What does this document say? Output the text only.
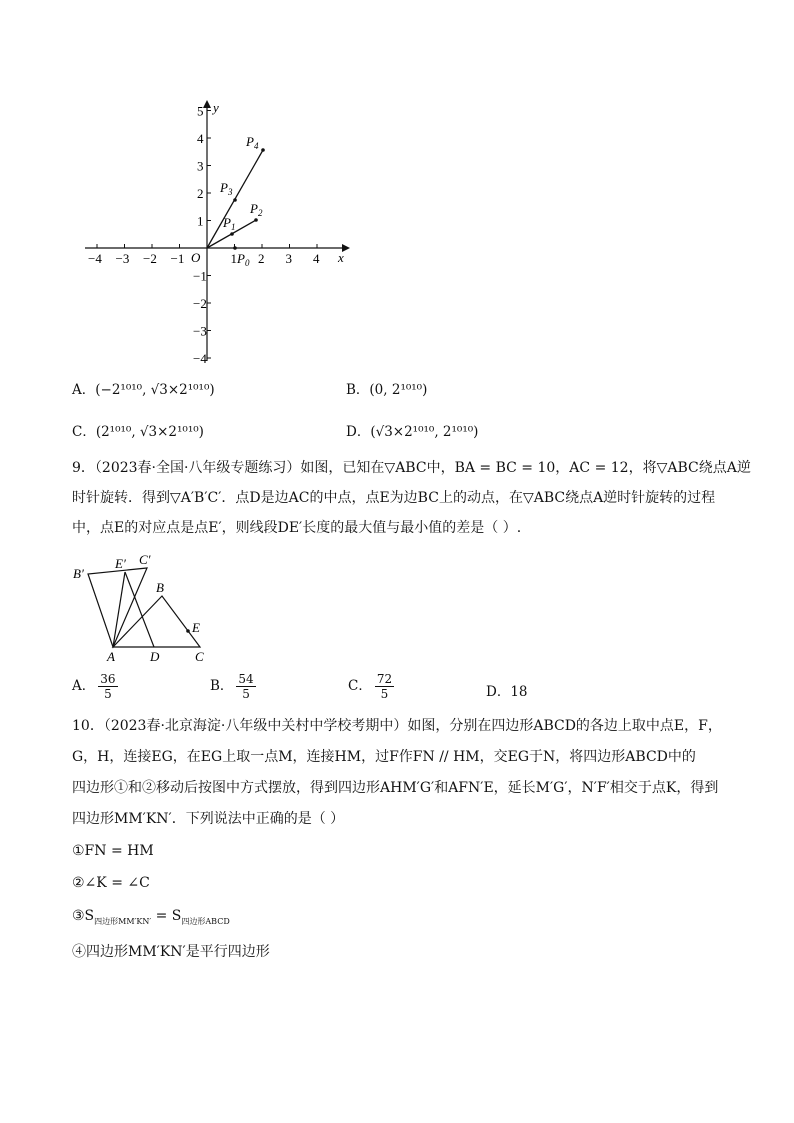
x
y
O
−4 −3 −2 −1	1 2 3 4
5
4
3
2
1
−1
−2
−3
−4
$P_0$
$P_1$
$P_2$
$P_3$
$P_4$
A．(−2¹⁰¹⁰, √3×2¹⁰¹⁰)	B．(0, 2¹⁰¹⁰)
C．(2¹⁰¹⁰, √3×2¹⁰¹⁰)	D．(√3×2¹⁰¹⁰, 2¹⁰¹⁰)
9．（2023春·全国·八年级专题练习）如图，已知在▽ABC中，BA = BC = 10，AC = 12，将▽ABC绕点A逆
时针旋转．得到▽A′B′C′．点D是边AC的中点，点E为边BC上的动点，在▽ABC绕点A逆时针旋转的过程
中，点E的对应点是点E′，则线段DE′长度的最大值与最小值的差是（ ）.
B′
E′ C′
B
E
A	D	C
A． $\frac{36}{5}$	B． $\frac{54}{5}$	C． $\frac{72}{5}$	D．18
10．（2023春·北京海淀·八年级中关村中学校考期中）如图，分别在四边形ABCD的各边上取中点E，F，
G，H，连接EG，在EG上取一点M，连接HM，过F作FN // HM，交EG于N，将四边形ABCD中的
四边形①和②移动后按图中方式摆放，得到四边形AHM′G′和AFN′E，延长M′G′，N′F′相交于点K，得到
四边形MM′KN′．下列说法中正确的是（ ）
①FN = HM
②∠K = ∠C
$③S_{四边形MM'KN'} = S_{四边形ABCD}$
④四边形MM′KN′是平行四边形
